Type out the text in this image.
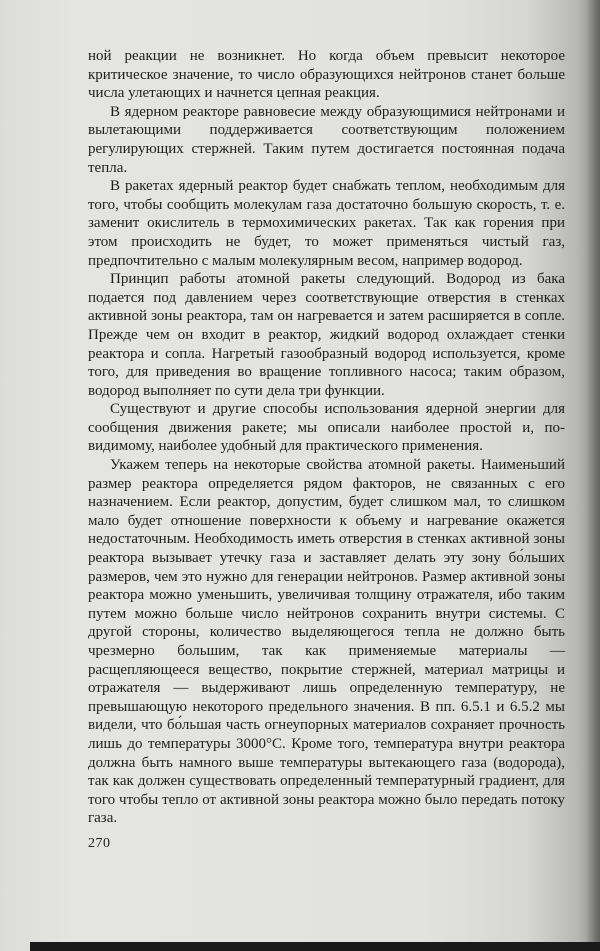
ной реакции не возникнет. Но когда объем превысит некоторое критическое значение, то число образующихся нейтронов станет больше числа улетающих и начнется цепная реакция.

В ядерном реакторе равновесие между образующимися нейтронами и вылетающими поддерживается соответствующим положением регулирующих стержней. Таким путем достигается постоянная подача тепла.

В ракетах ядерный реактор будет снабжать теплом, необходимым для того, чтобы сообщить молекулам газа достаточно большую скорость, т. е. заменит окислитель в термохимических ракетах. Так как горения при этом происходить не будет, то может применяться чистый газ, предпочтительно с малым молекулярным весом, например водород.

Принцип работы атомной ракеты следующий. Водород из бака подается под давлением через соответствующие отверстия в стенках активной зоны реактора, там он нагревается и затем расширяется в сопле. Прежде чем он входит в реактор, жидкий водород охлаждает стенки реактора и сопла. Нагретый газообразный водород используется, кроме того, для приведения во вращение топливного насоса; таким образом, водород выполняет по сути дела три функции.

Существуют и другие способы использования ядерной энергии для сообщения движения ракете; мы описали наиболее простой и, по-видимому, наиболее удобный для практического применения.

Укажем теперь на некоторые свойства атомной ракеты. Наименьший размер реактора определяется рядом факторов, не связанных с его назначением. Если реактор, допустим, будет слишком мал, то слишком мало будет отношение поверхности к объему и нагревание окажется недостаточным. Необходимость иметь отверстия в стенках активной зоны реактора вызывает утечку газа и заставляет делать эту зону бо́льших размеров, чем это нужно для генерации нейтронов. Размер активной зоны реактора можно уменьшить, увеличивая толщину отражателя, ибо таким путем можно больше число нейтронов сохранить внутри системы. С другой стороны, количество выделяющегося тепла не должно быть чрезмерно большим, так как применяемые материалы — расщепляющееся вещество, покрытие стержней, материал матрицы и отражателя — выдерживают лишь определенную температуру, не превышающую некоторого предельного значения. В пп. 6.5.1 и 6.5.2 мы видели, что бо́льшая часть огнеупорных материалов сохраняет прочность лишь до температуры 3000°С. Кроме того, температура внутри реактора должна быть намного выше температуры вытекающего газа (водорода), так как должен существовать определенный температурный градиент, для того чтобы тепло от активной зоны реактора можно было передать потоку газа.

270
